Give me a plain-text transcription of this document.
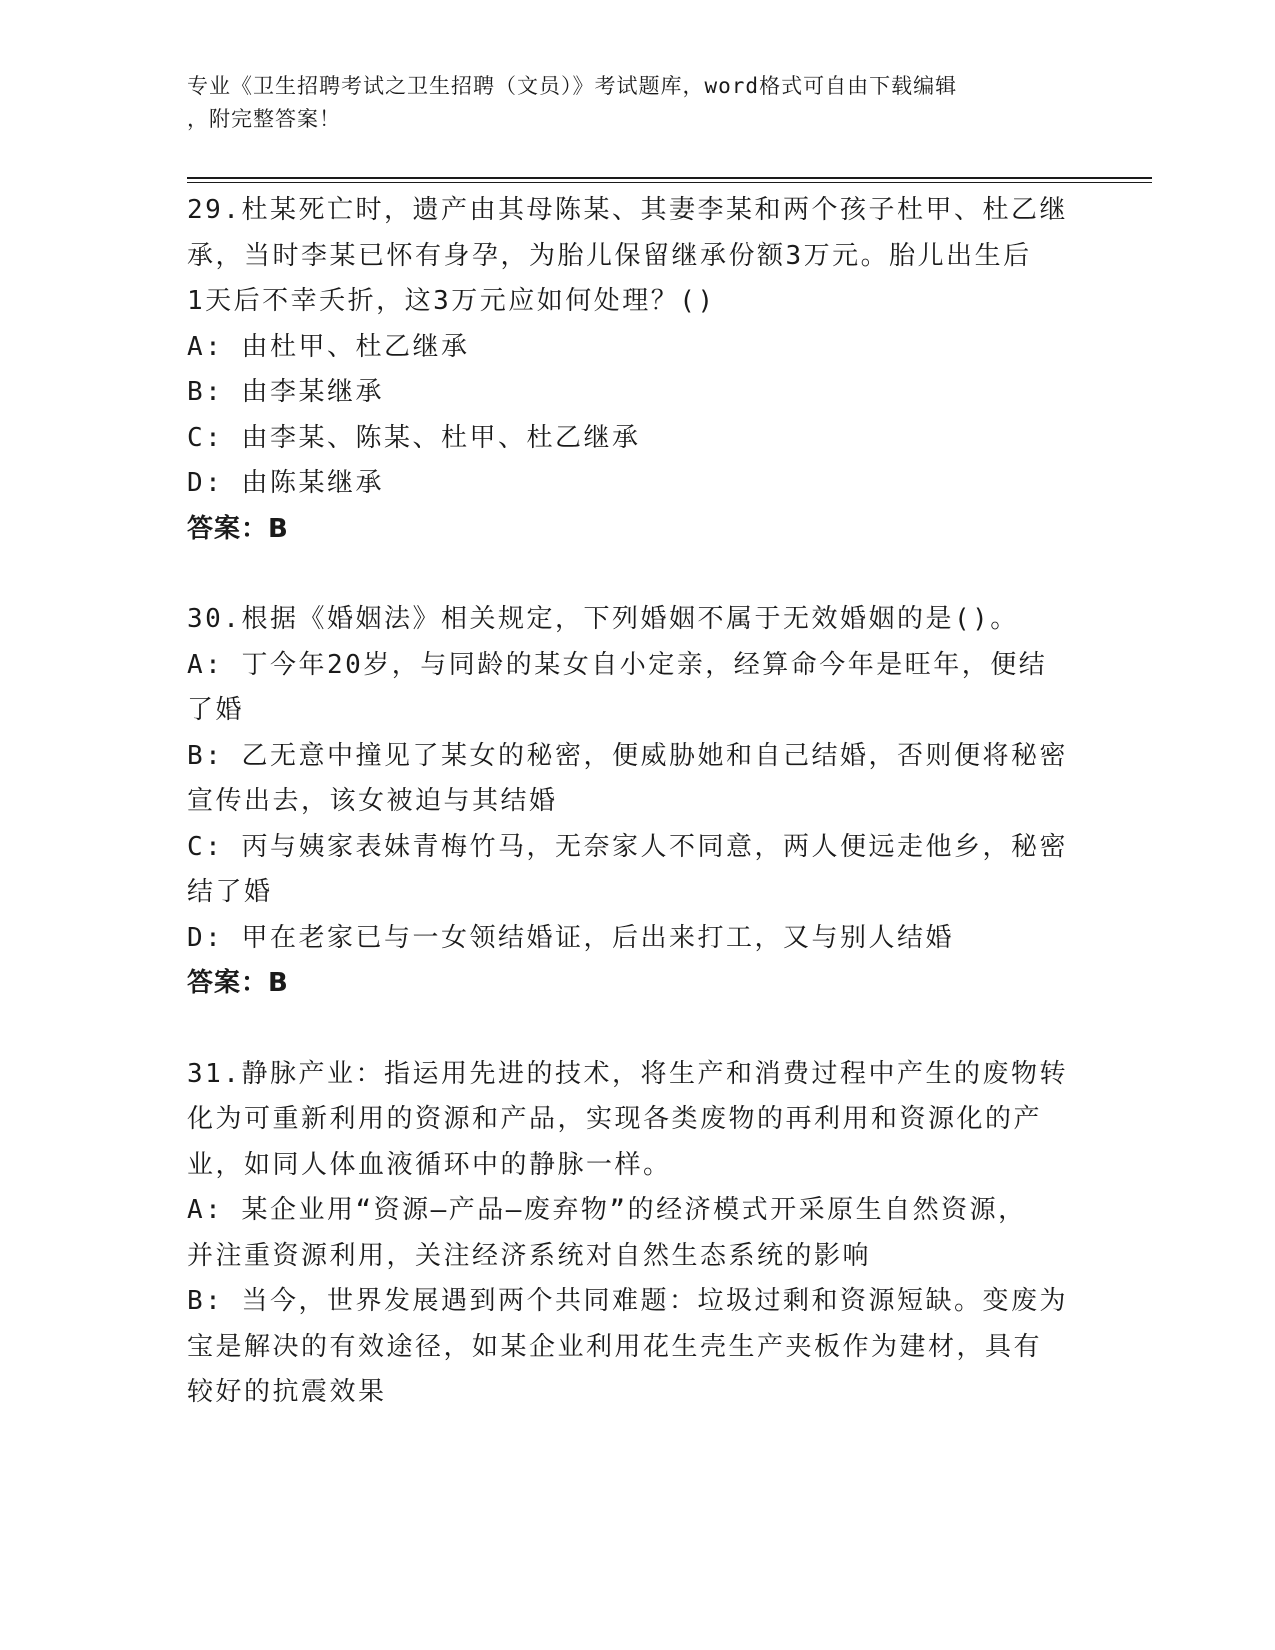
专业《卫生招聘考试之卫生招聘（文员）》考试题库，word格式可自由下载编辑
，附完整答案！
29.杜某死亡时，遗产由其母陈某、其妻李某和两个孩子杜甲、杜乙继
承，当时李某已怀有身孕，为胎儿保留继承份额3万元。胎儿出生后
1天后不幸夭折，这3万元应如何处理？()
A: 由杜甲、杜乙继承
B: 由李某继承
C: 由李某、陈某、杜甲、杜乙继承
D: 由陈某继承
答案：B
30.根据《婚姻法》相关规定，下列婚姻不属于无效婚姻的是()。
A: 丁今年20岁，与同龄的某女自小定亲，经算命今年是旺年，便结
了婚
B: 乙无意中撞见了某女的秘密，便威胁她和自己结婚，否则便将秘密
宣传出去，该女被迫与其结婚
C: 丙与姨家表妹青梅竹马，无奈家人不同意，两人便远走他乡，秘密
结了婚
D: 甲在老家已与一女领结婚证，后出来打工，又与别人结婚
答案：B
31.静脉产业：指运用先进的技术，将生产和消费过程中产生的废物转
化为可重新利用的资源和产品，实现各类废物的再利用和资源化的产
业，如同人体血液循环中的静脉一样。
A: 某企业用“资源—产品—废弃物”的经济模式开采原生自然资源，
并注重资源利用，关注经济系统对自然生态系统的影响
B: 当今，世界发展遇到两个共同难题：垃圾过剩和资源短缺。变废为
宝是解决的有效途径，如某企业利用花生壳生产夹板作为建材，具有
较好的抗震效果
